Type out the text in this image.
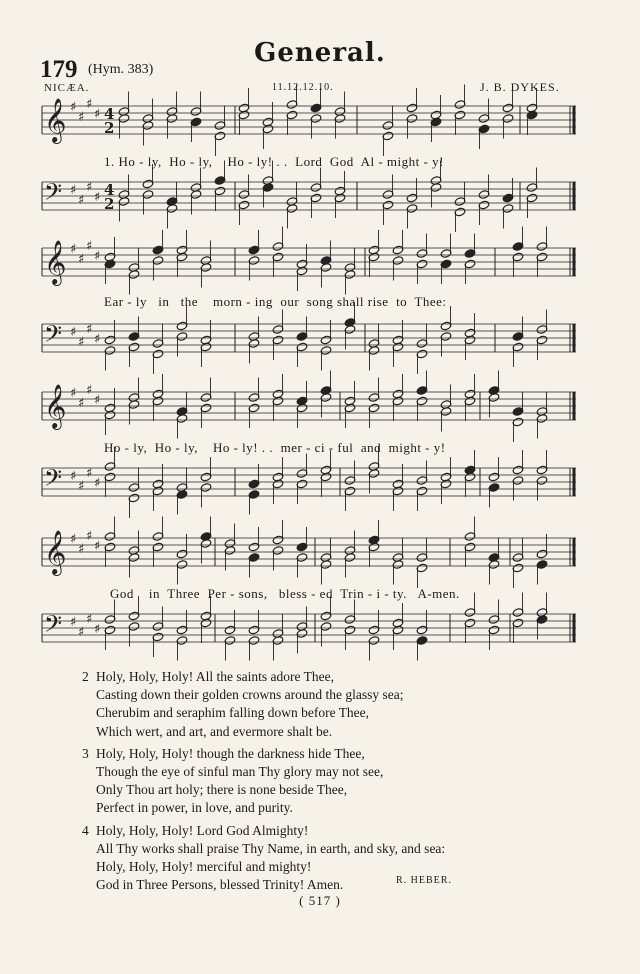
General.
179 (Hym. 383)
NICÆA.	11.12.12.10.	J. B. DYKES.
𝄞 ♯
♯
♯
♯ 4
2
𝄢 ♯
♯
♯
♯ 4
2
1. Ho - ly,  Ho - ly,    Ho - ly! . .  Lord  God  Al - might - y!
𝄞 ♯
♯
♯
♯
𝄢 ♯
♯
♯
♯
Ear - ly   in   the    morn - ing  our  song shall rise  to  Thee:
𝄞 ♯
♯
♯
♯
𝄢 ♯
♯
♯
♯
Ho - ly,  Ho - ly,    Ho - ly! . .  mer - ci - ful  and  might - y!
𝄞 ♯
♯
♯
♯
𝄢 ♯
♯
♯
♯
God    in  Three  Per - sons,   bless - ed  Trin - i - ty.   A-men.
2 Holy, Holy, Holy! All the saints adore Thee,
Casting down their golden crowns around the glassy sea;
Cherubim and seraphim falling down before Thee,
Which wert, and art, and evermore shalt be.
3 Holy, Holy, Holy! though the darkness hide Thee,
Though the eye of sinful man Thy glory may not see,
Only Thou art holy; there is none beside Thee,
Perfect in power, in love, and purity.
4 Holy, Holy, Holy! Lord God Almighty!
All Thy works shall praise Thy Name, in earth, and sky, and sea:
Holy, Holy, Holy! merciful and mighty!
God in Three Persons, blessed Trinity! Amen.	R. HEBER.
( 517 )
